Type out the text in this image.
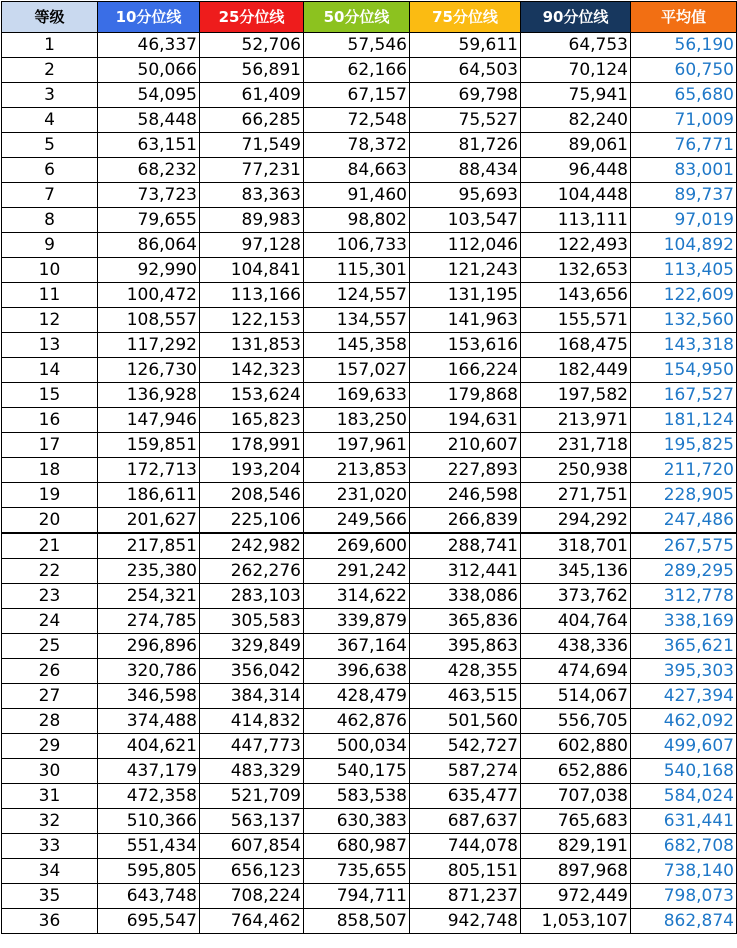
等级	10分位线	25分位线	50分位线	75分位线	90分位线	平均值
1	46,337	52,706	57,546	59,611	64,753	56,190
2	50,066	56,891	62,166	64,503	70,124	60,750
3	54,095	61,409	67,157	69,798	75,941	65,680
4	58,448	66,285	72,548	75,527	82,240	71,009
5	63,151	71,549	78,372	81,726	89,061	76,771
6	68,232	77,231	84,663	88,434	96,448	83,001
7	73,723	83,363	91,460	95,693	104,448	89,737
8	79,655	89,983	98,802	103,547	113,111	97,019
9	86,064	97,128	106,733	112,046	122,493	104,892
10	92,990	104,841	115,301	121,243	132,653	113,405
11	100,472	113,166	124,557	131,195	143,656	122,609
12	108,557	122,153	134,557	141,963	155,571	132,560
13	117,292	131,853	145,358	153,616	168,475	143,318
14	126,730	142,323	157,027	166,224	182,449	154,950
15	136,928	153,624	169,633	179,868	197,582	167,527
16	147,946	165,823	183,250	194,631	213,971	181,124
17	159,851	178,991	197,961	210,607	231,718	195,825
18	172,713	193,204	213,853	227,893	250,938	211,720
19	186,611	208,546	231,020	246,598	271,751	228,905
20	201,627	225,106	249,566	266,839	294,292	247,486
21	217,851	242,982	269,600	288,741	318,701	267,575
22	235,380	262,276	291,242	312,441	345,136	289,295
23	254,321	283,103	314,622	338,086	373,762	312,778
24	274,785	305,583	339,879	365,836	404,764	338,169
25	296,896	329,849	367,164	395,863	438,336	365,621
26	320,786	356,042	396,638	428,355	474,694	395,303
27	346,598	384,314	428,479	463,515	514,067	427,394
28	374,488	414,832	462,876	501,560	556,705	462,092
29	404,621	447,773	500,034	542,727	602,880	499,607
30	437,179	483,329	540,175	587,274	652,886	540,168
31	472,358	521,709	583,538	635,477	707,038	584,024
32	510,366	563,137	630,383	687,637	765,683	631,441
33	551,434	607,854	680,987	744,078	829,191	682,708
34	595,805	656,123	735,655	805,151	897,968	738,140
35	643,748	708,224	794,711	871,237	972,449	798,073
36	695,547	764,462	858,507	942,748	1,053,107	862,874
